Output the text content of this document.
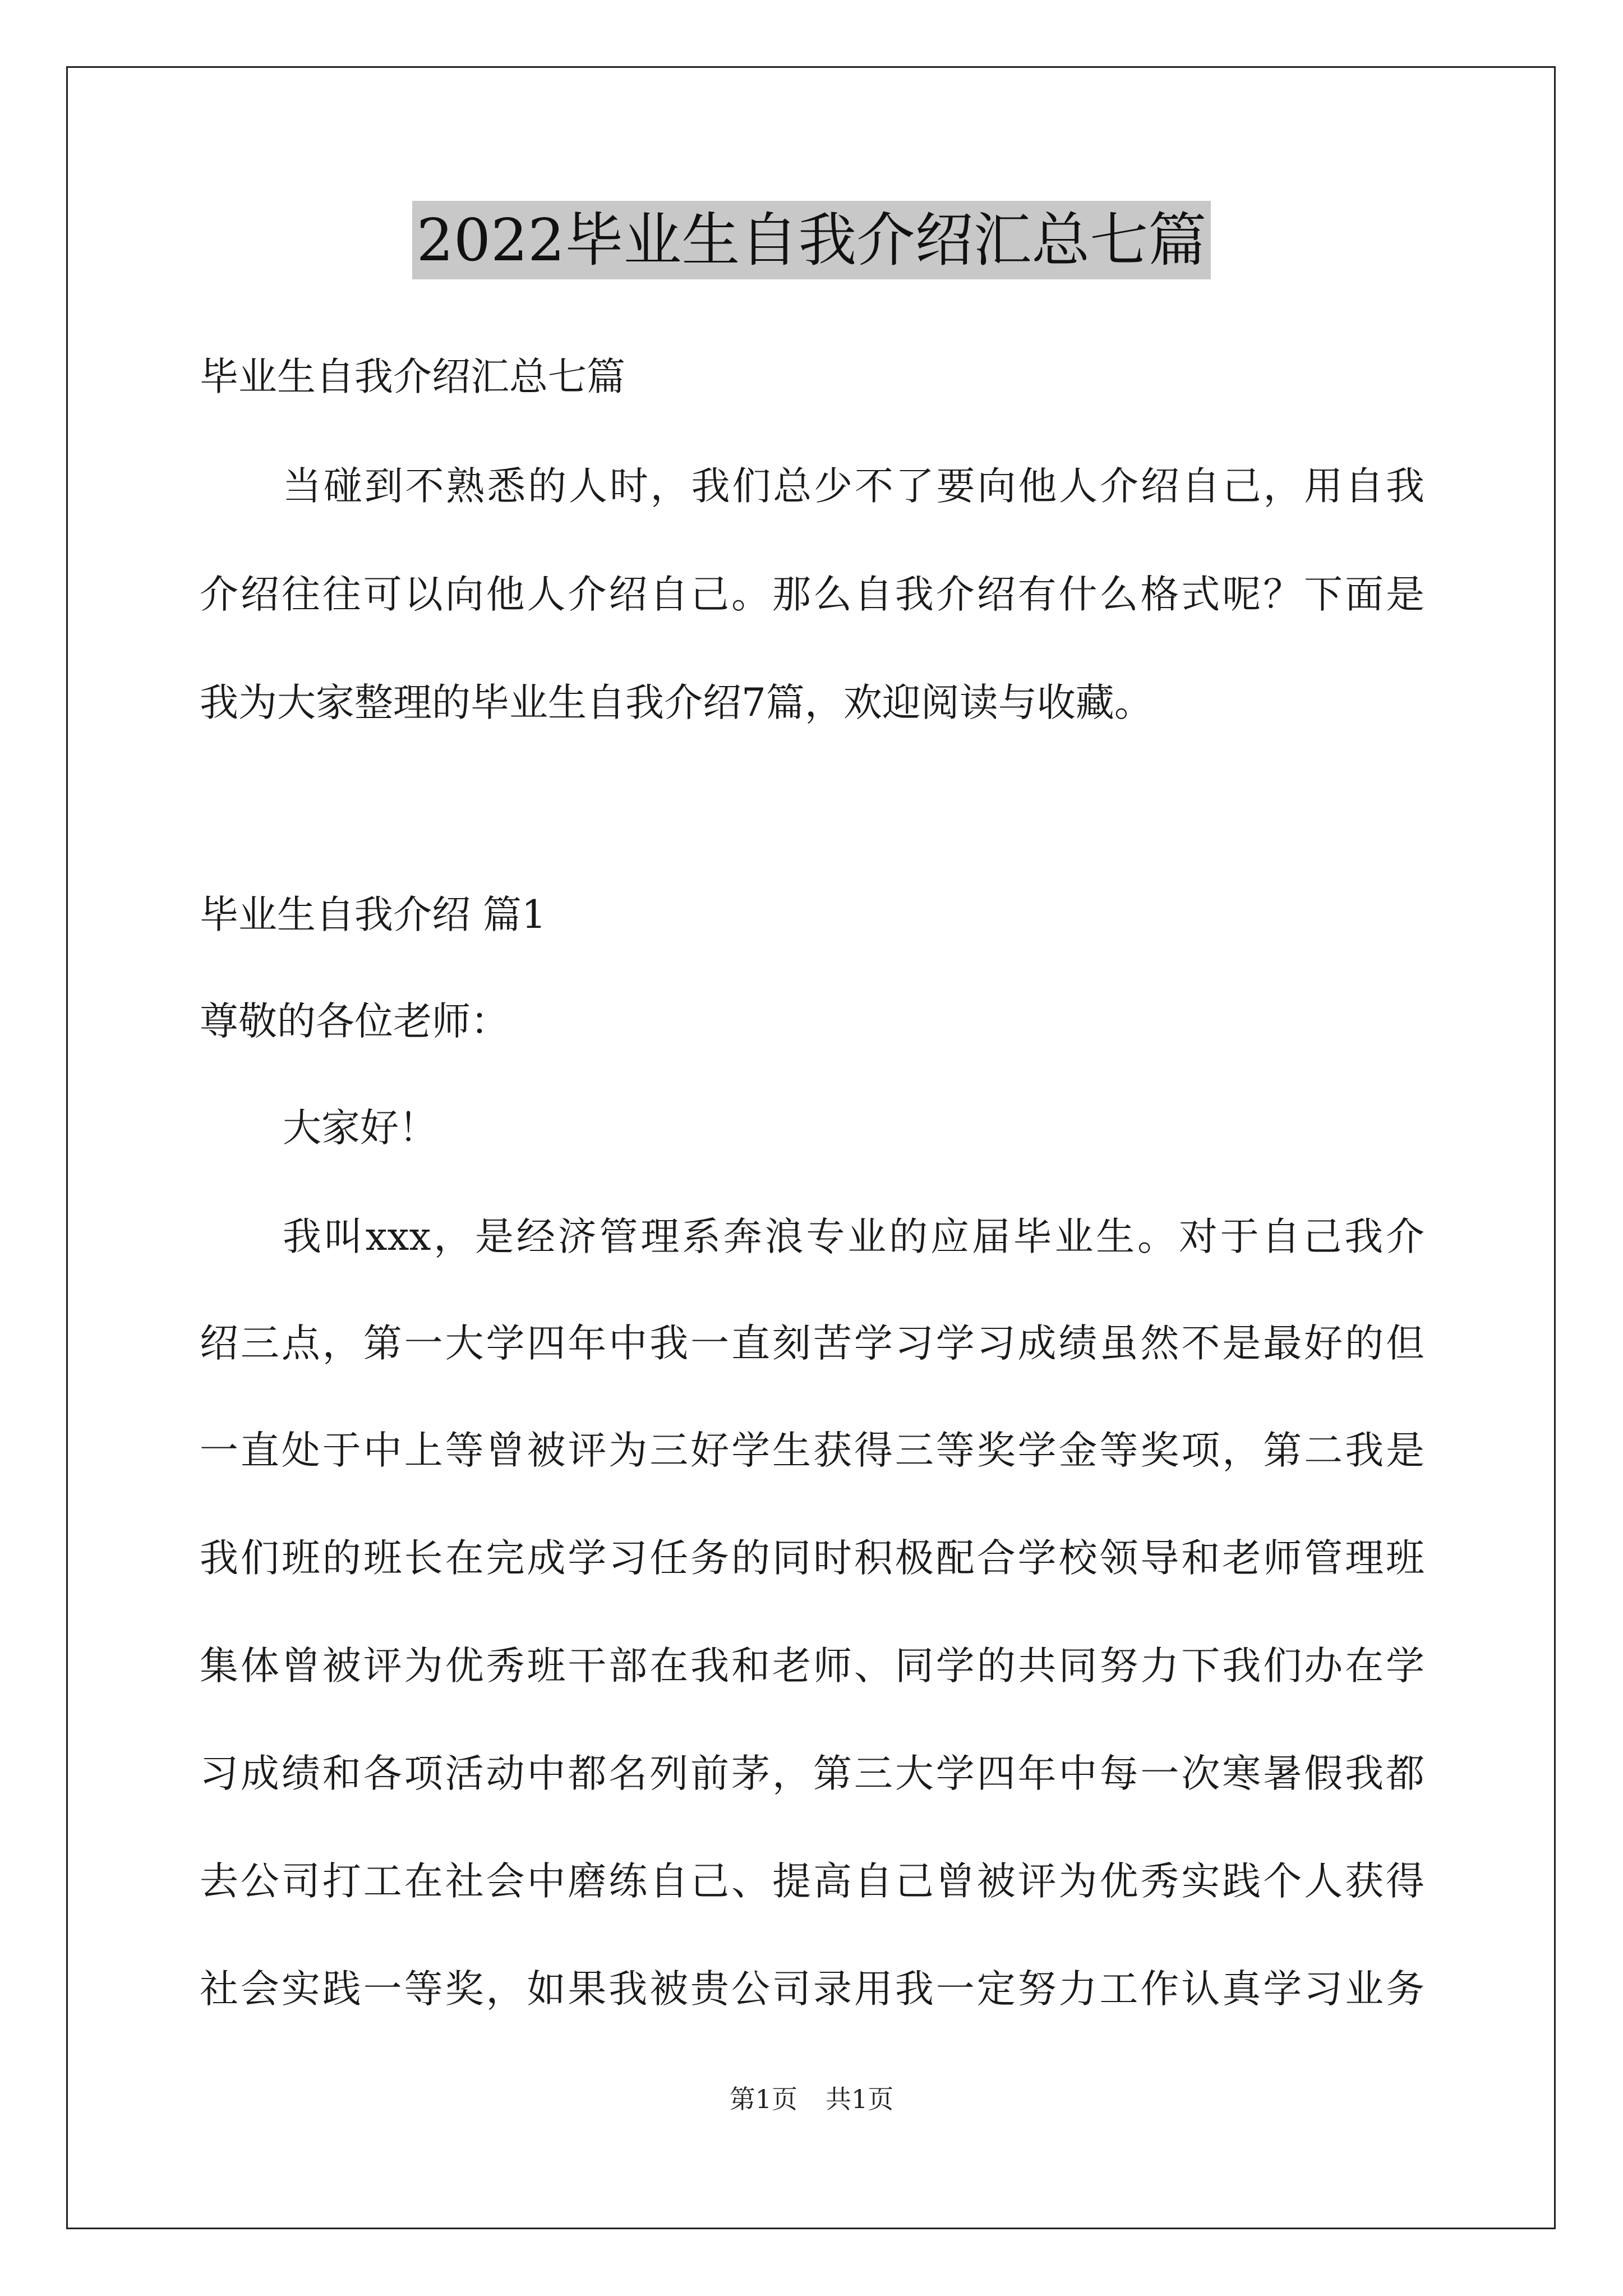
2022毕业生自我介绍汇总七篇
毕业生自我介绍汇总七篇
当碰到不熟悉的人时，我们总少不了要向他人介绍自己，用自我
介绍往往可以向他人介绍自己。那么自我介绍有什么格式呢？下面是
我为大家整理的毕业生自我介绍7篇，欢迎阅读与收藏。
毕业生自我介绍 篇1
尊敬的各位老师：
大家好！
我叫xxx，是经济管理系奔浪专业的应届毕业生。对于自己我介
绍三点，第一大学四年中我一直刻苦学习学习成绩虽然不是最好的但
一直处于中上等曾被评为三好学生获得三等奖学金等奖项，第二我是
我们班的班长在完成学习任务的同时积极配合学校领导和老师管理班
集体曾被评为优秀班干部在我和老师、同学的共同努力下我们办在学
习成绩和各项活动中都名列前茅，第三大学四年中每一次寒暑假我都
去公司打工在社会中磨练自己、提高自己曾被评为优秀实践个人获得
社会实践一等奖，如果我被贵公司录用我一定努力工作认真学习业务
第1页 共1页
